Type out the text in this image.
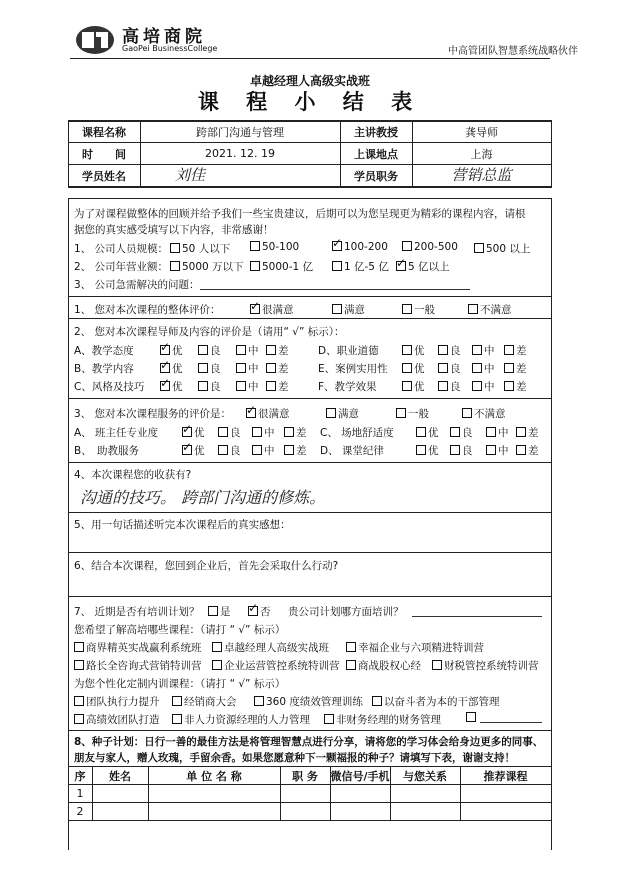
高培商院
GaoPei BusinessCollege	中高管团队智慧系统战略伙伴
卓越经理人高级实战班
课 程 小 结 表
课程名称	跨部门沟通与管理	主讲教授	龚导师
时　　间	2021. 12. 19	上课地点	上海
学员姓名	刘佳	学员职务	营销总监
为了对课程做整体的回顾并给予我们一些宝贵建议，后期可以为您呈现更为精彩的课程内容，请根
据您的真实感受填写以下内容，非常感谢！
1、 公司人员规模：	50 人以下	50-100 ✓	100-200	200-500	500 以上
2、 公司年营业额：	5000 万以下	5000-1 亿	1 亿-5 亿 ✓	5 亿以上
3、 公司急需解决的问题：
1、 您对本次课程的整体评价： ✓	很满意	满意	一般	不满意
2、 您对本次课程导师及内容的评价是（请用“ √” 标示）：
A、教学态度 ✓	优	良	中	差
B、教学内容 ✓	优	良	中	差
C、风格及技巧 ✓	优	良	中	差
D、职业道德	优	良	中	差
E、案例实用性	优	良	中	差
F、教学效果	优	良	中	差
3、 您对本次课程服务的评价是： ✓	很满意	满意	一般	不满意
A、 班主任专业度 ✓	优	良	中	差
B、　助教服务 ✓	优	良	中	差
C、 场地舒适度	优	良	中	差
D、 课堂纪律	优	良	中	差
4、本次课程您的收获有?
沟通的技巧。 跨部门沟通的修炼。
5、用一句话描述听完本次课程后的真实感想：
6、结合本次课程，您回到企业后，首先会采取什么行动?
7、 近期是否有培训计划？	是 ✓	否 贵公司计划哪方面培训？
您希望了解高培哪些课程：（请打 “ √” 标示）
商界精英实战赢利系统班	卓越经理人高级实战班	幸福企业与六项精进特训营
路长全咨询式营销特训营	企业运营管控系统特训营	商战股权心经	财税管控系统特训营
为您个性化定制内训课程：（请打 “ √” 标示）
团队执行力提升	经销商大会	360 度绩效管理训练	以奋斗者为本的干部管理
高绩效团队打造	非人力资源经理的人力管理	非财务经理的财务管理
8、种子计划：日行一善的最佳方法是将管理智慧点进行分享，请将您的学习体会给身边更多的同事、
朋友与家人，赠人玫瑰，手留余香。如果您愿意种下一颗福报的种子？请填写下表，谢谢支持！
序	姓名	单 位 名 称	职 务	微信号/手机	与您关系	推荐课程
1
2
